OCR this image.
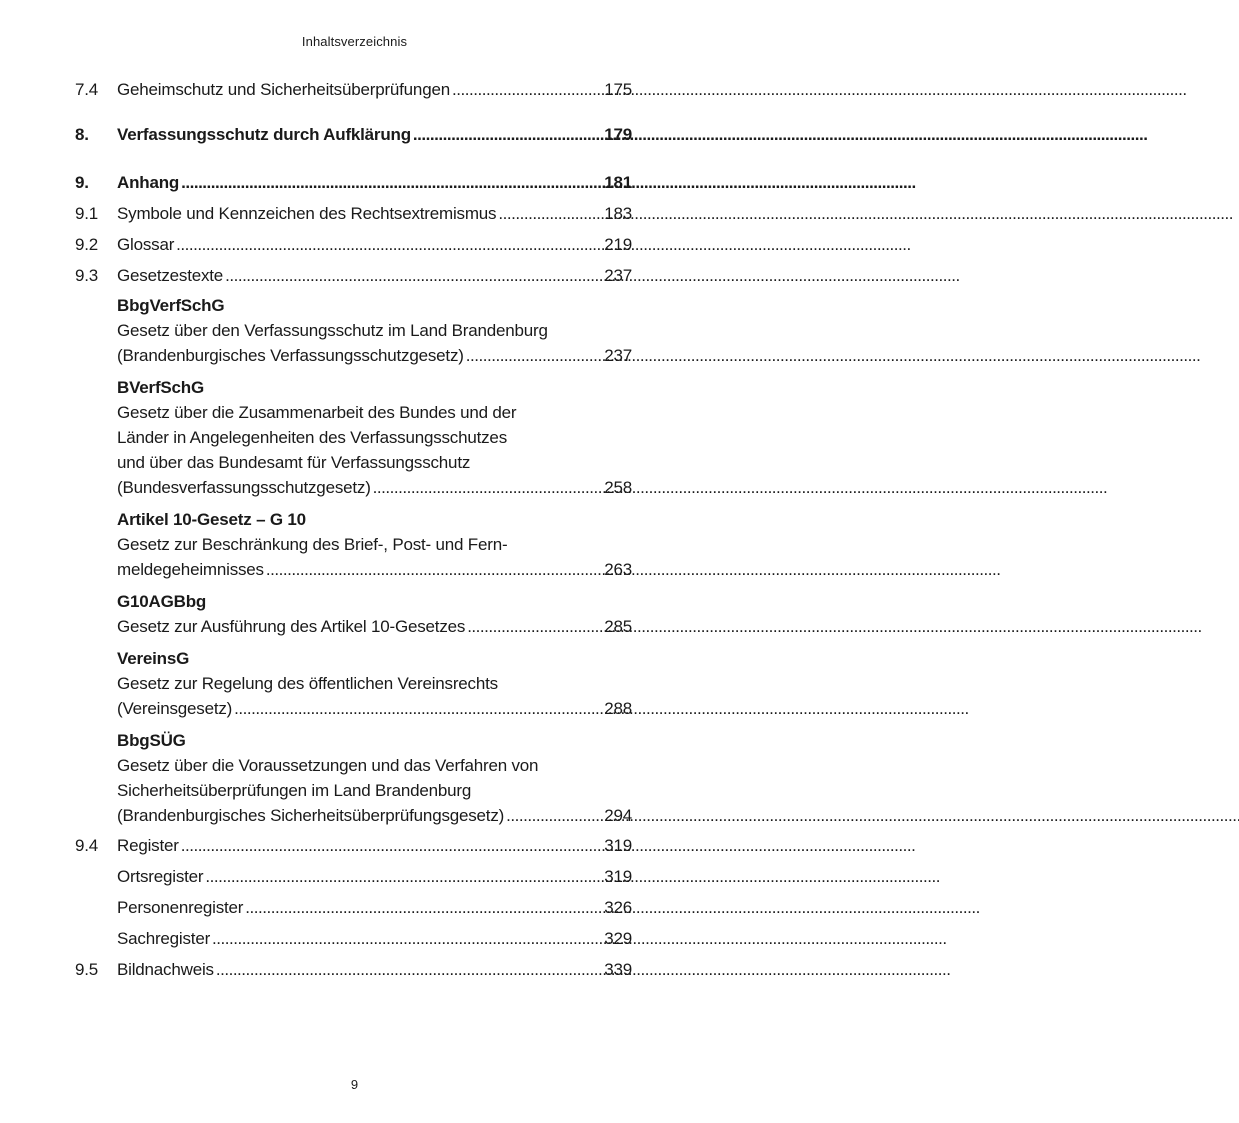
Inhaltsverzeichnis
7.4	Geheimschutz und Sicherheitsüberprüfungen . . .	175
8.	Verfassungsschutz durch Aufklärung . . .	179
9.	Anhang . . .	181
9.1	Symbole und Kennzeichen des Rechtsextremismus . . .	183
9.2	Glossar . . .	219
9.3	Gesetzestexte . . .	237
BbgVerfSchG
Gesetz über den Verfassungsschutz im Land Brandenburg
(Brandenburgisches Verfassungsschutzgesetz) . . .	237
BVerfSchG
Gesetz über die Zusammenarbeit des Bundes und der
Länder in Angelegenheiten des Verfassungsschutzes
und über das Bundesamt für Verfassungsschutz
(Bundesverfassungsschutzgesetz) . . .	258
Artikel 10-Gesetz – G 10
Gesetz zur Beschränkung des Brief-, Post- und Fern-
meldegeheimnisses . . .	263
G10AGBbg
Gesetz zur Ausführung des Artikel 10-Gesetzes . . .	285
VereinsG
Gesetz zur Regelung des öffentlichen Vereinsrechts
(Vereinsgesetz) . . .	288
BbgSÜG
Gesetz über die Voraussetzungen und das Verfahren von
Sicherheitsüberprüfungen im Land Brandenburg
(Brandenburgisches Sicherheitsüberprüfungsgesetz) . . .	294
9.4	Register . . .	319
Ortsregister . . .	319
Personenregister . . .	326
Sachregister . . .	329
9.5	Bildnachweis . . .	339
9
